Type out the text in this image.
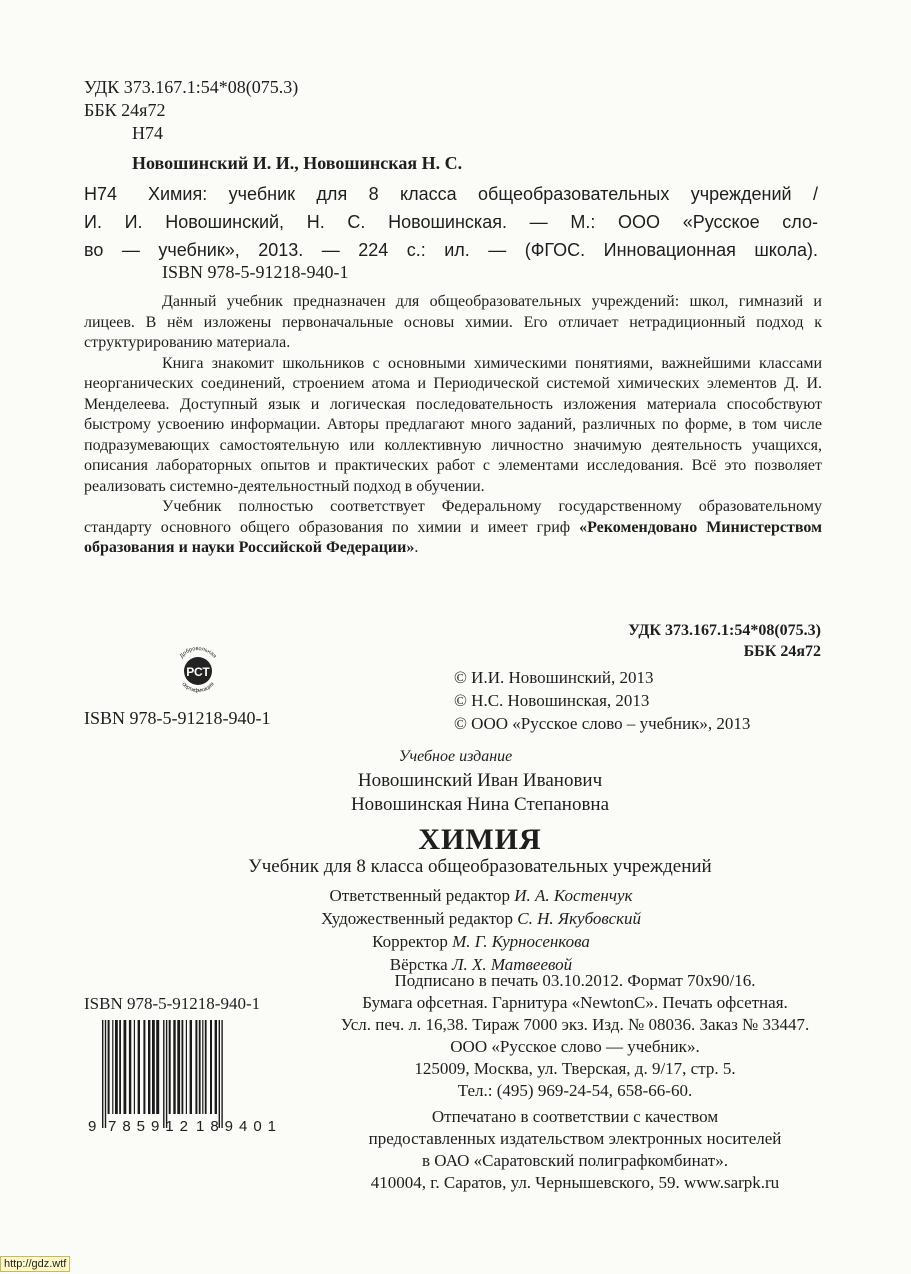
УДК 373.167.1:54*08(075.3)
ББК 24я72
Н74
Новошинский И. И., Новошинская Н. С.
Н74 Химия: учебник для 8 класса общеобразовательных учреждений /
И. И. Новошинский, Н. С. Новошинская. — М.: ООО «Русское сло-
во — учебник», 2013. — 224 с.: ил. — (ФГОС. Инновационная школа).
ISBN 978-5-91218-940-1

Данный учебник предназначен для общеобразовательных учреждений: школ, гимназий и лицеев. В нём изложены первоначальные основы химии. Его отличает нетрадиционный подход к структурированию материала.

Книга знакомит школьников с основными химическими понятиями, важнейшими классами неорганических соединений, строением атома и Периодической системой химических элементов Д. И. Менделеева. Доступный язык и логическая последовательность изложения материала способствуют быстрому усвоению информации. Авторы предлагают много заданий, различных по форме, в том числе подразумевающих самостоятельную или коллективную личностно значимую деятельность учащихся, описания лабораторных опытов и практических работ с элементами исследования. Всё это позволяет реализовать системно-деятельностный подход в обучении.

Учебник полностью соответствует Федеральному государственному образовательному стандарту основного общего образования по химии и имеет гриф «Рекомендовано Министерством образования и науки Российской Федерации».

УДК 373.167.1:54*08(075.3)
ББК 24я72
РСТ
Добровольная
сертификация	© И.И. Новошинский, 2013
© Н.С. Новошинская, 2013
© ООО «Русское слово – учебник», 2013
ISBN 978-5-91218-940-1
Учебное издание
Новошинский Иван Иванович
Новошинская Нина Степановна
ХИМИЯ
Учебник для 8 класса общеобразовательных учреждений
Ответственный редактор И. А. Костенчук
Художественный редактор С. Н. Якубовский
Корректор М. Г. Курносенкова
Вёрстка Л. Х. Матвеевой
ISBN 978-5-91218-940-1
9 785912 189401
Подписано в печать 03.10.2012. Формат 70х90/16.
Бумага офсетная. Гарнитура «NewtonC». Печать офсетная.
Усл. печ. л. 16,38. Тираж 7000 экз. Изд. № 08036. Заказ № 33447.
ООО «Русское слово — учебник».
125009, Москва, ул. Тверская, д. 9/17, стр. 5.
Тел.: (495) 969-24-54, 658-66-60.
Отпечатано в соответствии с качеством
предоставленных издательством электронных носителей
в ОАО «Саратовский полиграфкомбинат».
410004, г. Саратов, ул. Чернышевского, 59. www.sarpk.ru
http://gdz.wtf
